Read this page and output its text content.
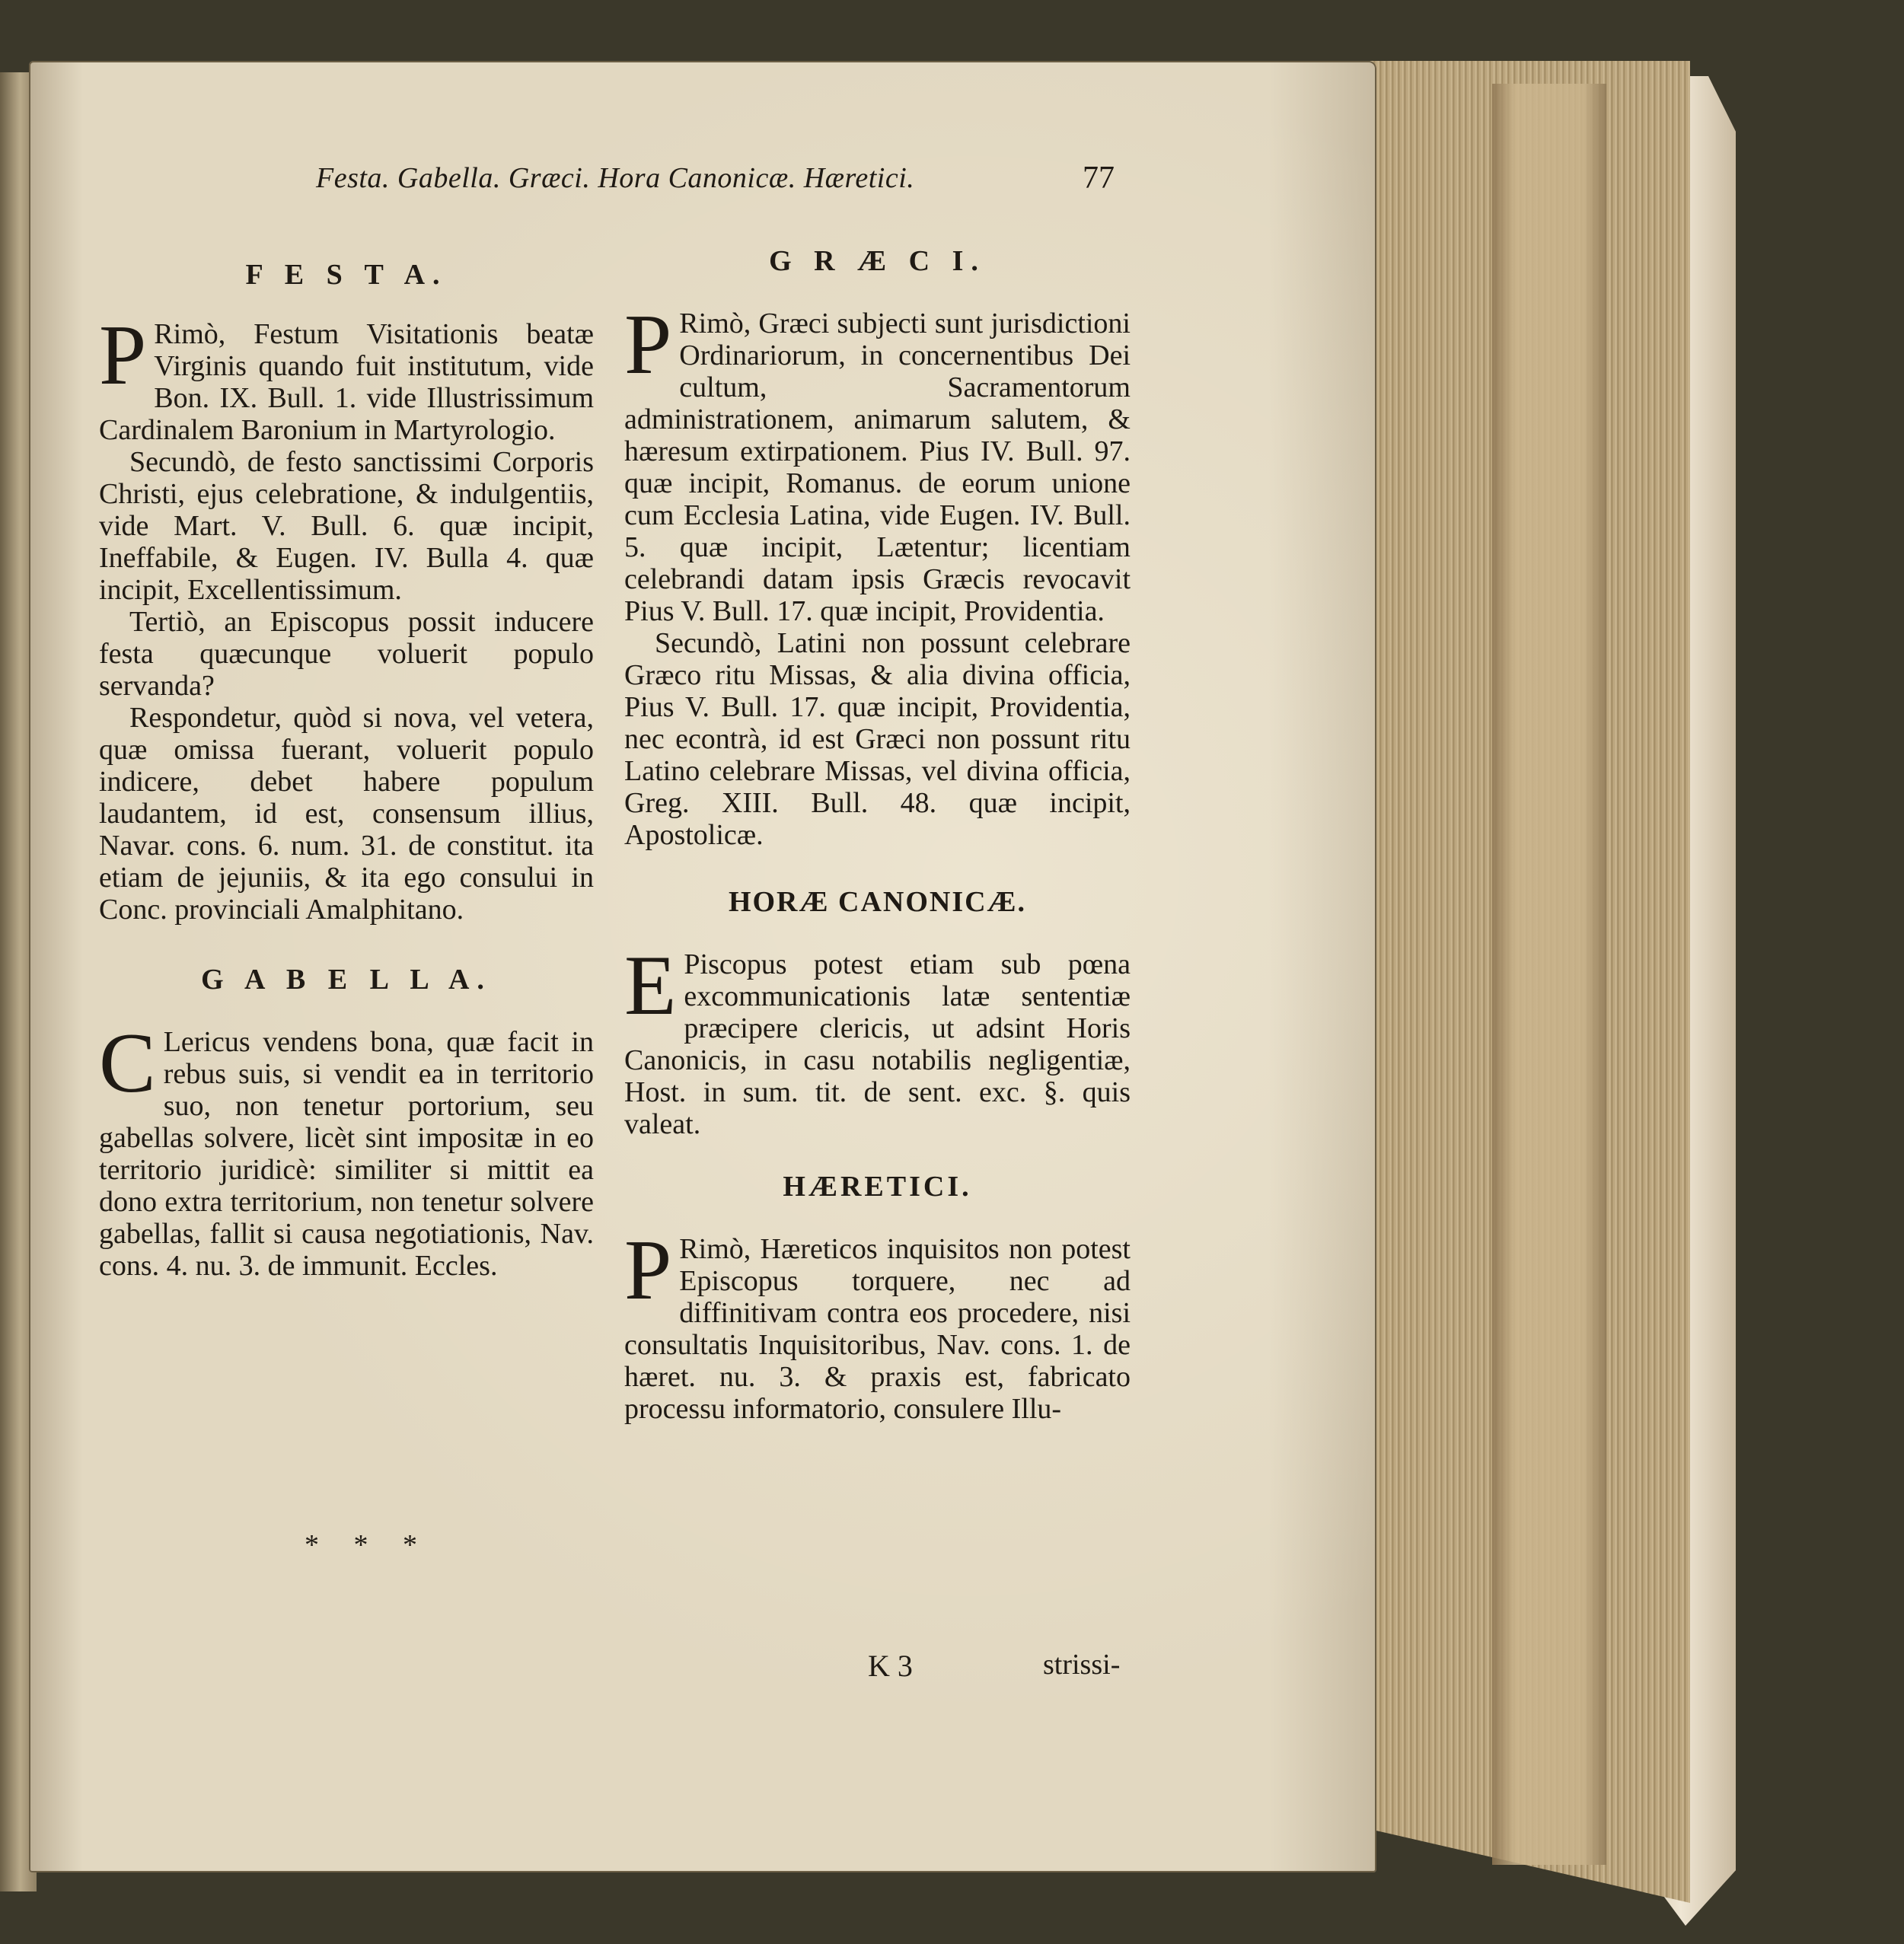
Festa. Gabella. Græci. Hora Canonicæ. Hæretici.	77
F E S T A.

P Rimò, Festum Visitationis beatæ Virginis quando fuit institutum, vide Bon. IX. Bull. 1. vide Illustrissimum Cardinalem Baronium in Martyrologio.

Secundò, de festo sanctissimi Corporis Christi, ejus celebratione, & indulgentiis, vide Mart. V. Bull. 6. quæ incipit, Ineffabile, & Eugen. IV. Bulla 4. quæ incipit, Excellentissimum.

Tertiò, an Episcopus possit inducere festa quæcunque voluerit populo servanda?

Respondetur, quòd si nova, vel vetera, quæ omissa fuerant, voluerit populo indicere, debet habere populum laudantem, id est, consensum illius, Navar. cons. 6. num. 31. de constitut. ita etiam de jejuniis, & ita ego consului in Conc. provinciali Amalphitano.

G A B E L L A.

C Lericus vendens bona, quæ facit in rebus suis, si vendit ea in territorio suo, non tenetur portorium, seu gabellas solvere, licèt sint impositæ in eo territorio juridicè: similiter si mittit ea dono extra territorium, non tenetur solvere gabellas, fallit si causa negotiationis, Nav. cons. 4. nu. 3. de immunit. Eccles.

* * *
G R Æ C I.

P Rimò, Græci subjecti sunt jurisdictioni Ordinariorum, in concernentibus Dei cultum, Sacramentorum administrationem, animarum salutem, & hæresum extirpationem. Pius IV. Bull. 97. quæ incipit, Romanus. de eorum unione cum Ecclesia Latina, vide Eugen. IV. Bull. 5. quæ incipit, Lætentur; licentiam celebrandi datam ipsis Græcis revocavit Pius V. Bull. 17. quæ incipit, Providentia.

Secundò, Latini non possunt celebrare Græco ritu Missas, & alia divina officia, Pius V. Bull. 17. quæ incipit, Providentia, nec econtrà, id est Græci non possunt ritu Latino celebrare Missas, vel divina officia, Greg. XIII. Bull. 48. quæ incipit, Apostolicæ.

HORÆ CANONICÆ.

E Piscopus potest etiam sub pœna excommunicationis latæ sententiæ præcipere clericis, ut adsint Horis Canonicis, in casu notabilis negligentiæ, Host. in sum. tit. de sent. exc. §. quis valeat.

HÆRETICI.

P Rimò, Hæreticos inquisitos non potest Episcopus torquere, nec ad diffinitivam contra eos procedere, nisi consultatis Inquisitoribus, Nav. cons. 1. de hæret. nu. 3. & praxis est, fabricato processu informatorio, consulere Illu-

K 3	strissi-
